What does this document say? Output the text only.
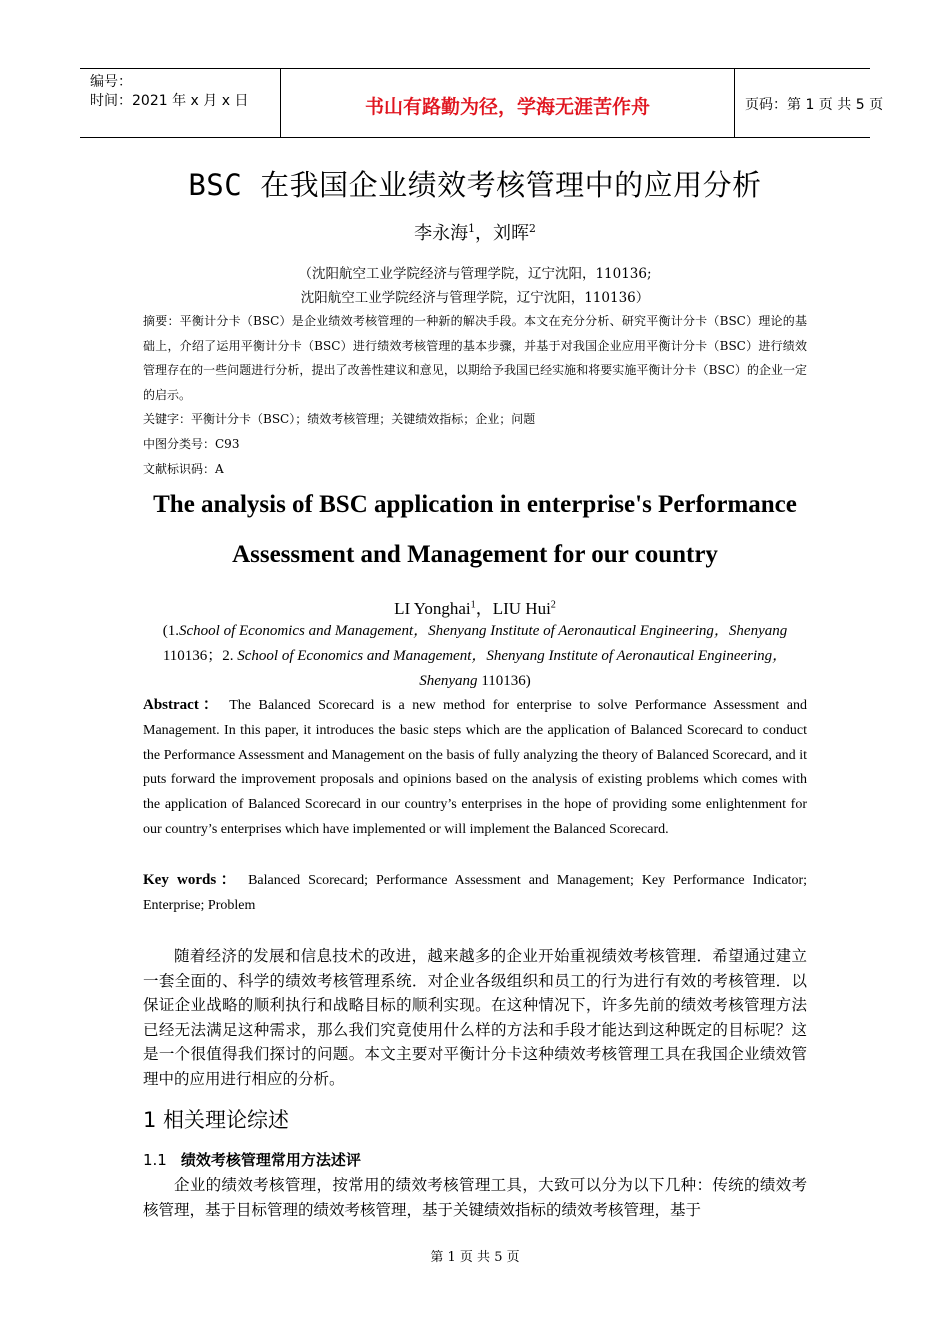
编号：
时间：2021 年 x 月 x 日	书山有路勤为径，学海无涯苦作舟	页码：第 1 页 共 5 页
BSC 在我国企业绩效考核管理中的应用分析
李永海$^1$，刘晖$^2$
（沈阳航空工业学院经济与管理学院，辽宁沈阳，110136;
沈阳航空工业学院经济与管理学院，辽宁沈阳，110136）
摘要：平衡计分卡（BSC）是企业绩效考核管理的一种新的解决手段。本文在充分分析、研究平衡计分卡（BSC）理论的基础上，介绍了运用平衡计分卡（BSC）进行绩效考核管理的基本步骤，并基于对我国企业应用平衡计分卡（BSC）进行绩效管理存在的一些问题进行分析，提出了改善性建议和意见，以期给予我国已经实施和将要实施平衡计分卡（BSC）的企业一定的启示。
关键字：平衡计分卡（BSC）；绩效考核管理；关键绩效指标；企业；问题
中图分类号：C93
文献标识码：A
The analysis of BSC application in enterprise's Performance
Assessment and Management for our country
LI Yonghai$^1$，LIU Hui$^2$
(1.School of Economics and Management，Shenyang Institute of Aeronautical Engineering，Shenyang 110136；2. School of Economics and Management，Shenyang Institute of Aeronautical Engineering，Shenyang 110136)
Abstract： The Balanced Scorecard is a new method for enterprise to solve Performance Assessment and Management. In this paper, it introduces the basic steps which are the application of Balanced Scorecard to conduct the Performance Assessment and Management on the basis of fully analyzing the theory of Balanced Scorecard, and it puts forward the improvement proposals and opinions based on the analysis of existing problems which comes with the application of Balanced Scorecard in our country’s enterprises in the hope of providing some enlightenment for our country’s enterprises which have implemented or will implement the Balanced Scorecard.
Key words： Balanced Scorecard; Performance Assessment and Management; Key Performance Indicator; Enterprise; Problem
随着经济的发展和信息技术的改进，越来越多的企业开始重视绩效考核管理．希望通过建立一套全面的、科学的绩效考核管理系统．对企业各级组织和员工的行为进行有效的考核管理．以保证企业战略的顺利执行和战略目标的顺利实现。在这种情况下，许多先前的绩效考核管理方法已经无法满足这种需求，那么我们究竟使用什么样的方法和手段才能达到这种既定的目标呢？这是一个很值得我们探讨的问题。本文主要对平衡计分卡这种绩效考核管理工具在我国企业绩效管理中的应用进行相应的分析。
1 相关理论综述
1.1 绩效考核管理常用方法述评
企业的绩效考核管理，按常用的绩效考核管理工具，大致可以分为以下几种：传统的绩效考核管理，基于目标管理的绩效考核管理，基于关键绩效指标的绩效考核管理，基于
第 1 页 共 5 页
